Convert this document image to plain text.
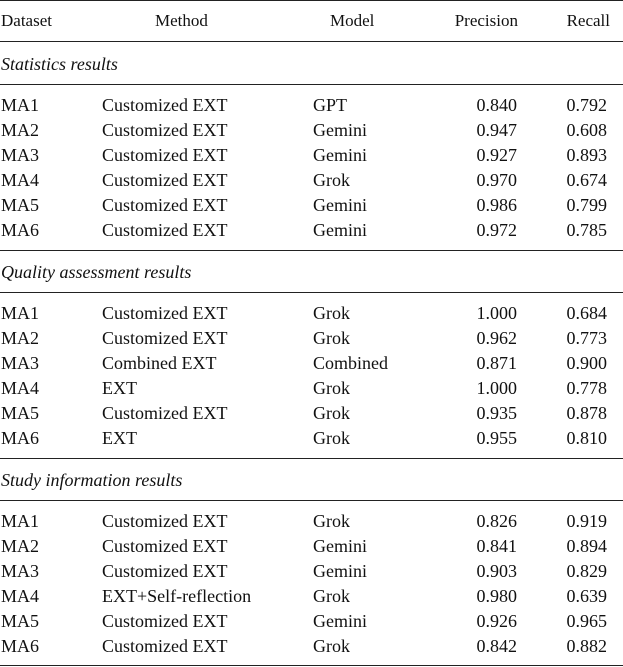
Dataset	Method	Model	Precision	Recall
Statistics results
MA1	Customized EXT	GPT	0.840	0.792
MA2	Customized EXT	Gemini	0.947	0.608
MA3	Customized EXT	Gemini	0.927	0.893
MA4	Customized EXT	Grok	0.970	0.674
MA5	Customized EXT	Gemini	0.986	0.799
MA6	Customized EXT	Gemini	0.972	0.785
Quality assessment results
MA1	Customized EXT	Grok	1.000	0.684
MA2	Customized EXT	Grok	0.962	0.773
MA3	Combined EXT	Combined	0.871	0.900
MA4	EXT	Grok	1.000	0.778
MA5	Customized EXT	Grok	0.935	0.878
MA6	EXT	Grok	0.955	0.810
Study information results
MA1	Customized EXT	Grok	0.826	0.919
MA2	Customized EXT	Gemini	0.841	0.894
MA3	Customized EXT	Gemini	0.903	0.829
MA4	EXT+Self-reflection	Grok	0.980	0.639
MA5	Customized EXT	Gemini	0.926	0.965
MA6	Customized EXT	Grok	0.842	0.882
